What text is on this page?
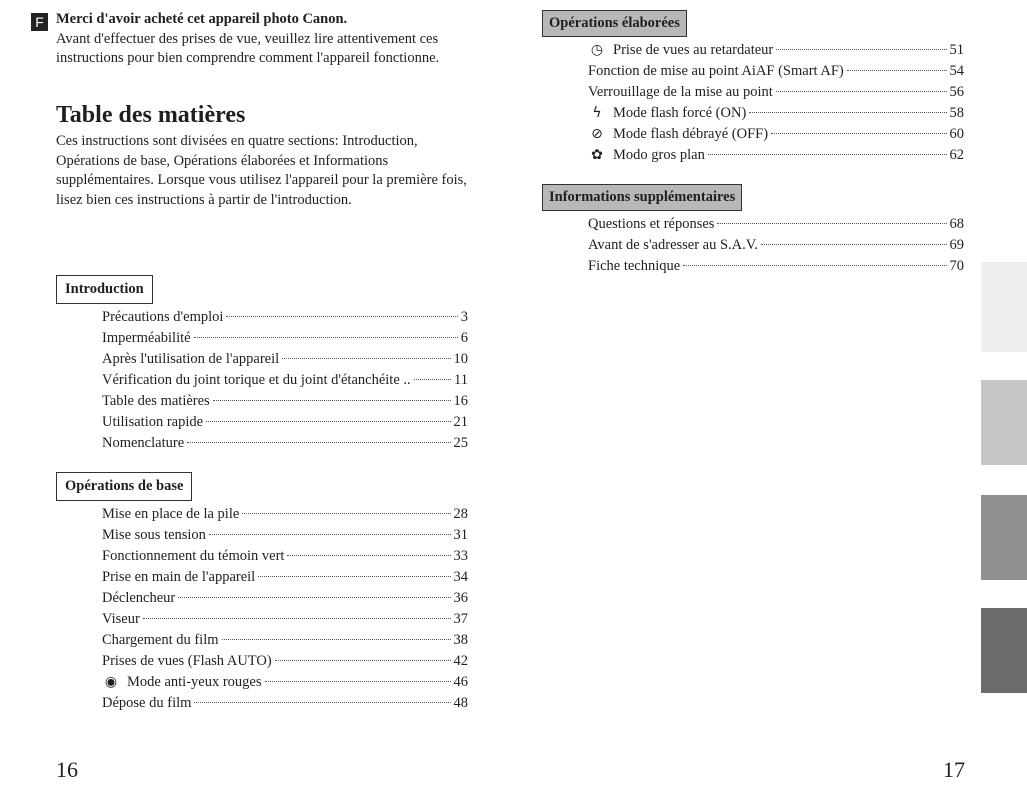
F Merci d'avoir acheté cet appareil photo Canon.
Avant d'effectuer des prises de vue, veuillez lire attentivement ces instructions pour bien comprendre comment l'appareil fonctionne.
Table des matières
Ces instructions sont divisées en quatre sections: Introduction, Opérations de base, Opérations élaborées et Informations supplémentaires. Lorsque vous utilisez l'appareil pour la première fois, lisez bien ces instructions à partir de l'introduction.
Introduction
Précautions d'emploi	3
Imperméabilité	6
Après l'utilisation de l'appareil	10
Vérification du joint torique et du joint d'étanchéite ..	11
Table des matières	16
Utilisation rapide	21
Nomenclature	25
Opérations de base
Mise en place de la pile	28
Mise sous tension	31
Fonctionnement du témoin vert	33
Prise en main de l'appareil	34
Déclencheur	36
Viseur	37
Chargement du film	38
Prises de vues (Flash AUTO)	42
◉ Mode anti-yeux rouges	46
Dépose du film	48
16
Opérations élaborées
◷ Prise de vues au retardateur	51
Fonction de mise au point AiAF (Smart AF)	54
Verrouillage de la mise au point	56
ϟ Mode flash forcé (ON)	58
⊘ Mode flash débrayé (OFF)	60
✿ Modo gros plan	62
Informations supplémentaires
Questions et réponses	68
Avant de s'adresser au S.A.V.	69
Fiche technique	70
17
